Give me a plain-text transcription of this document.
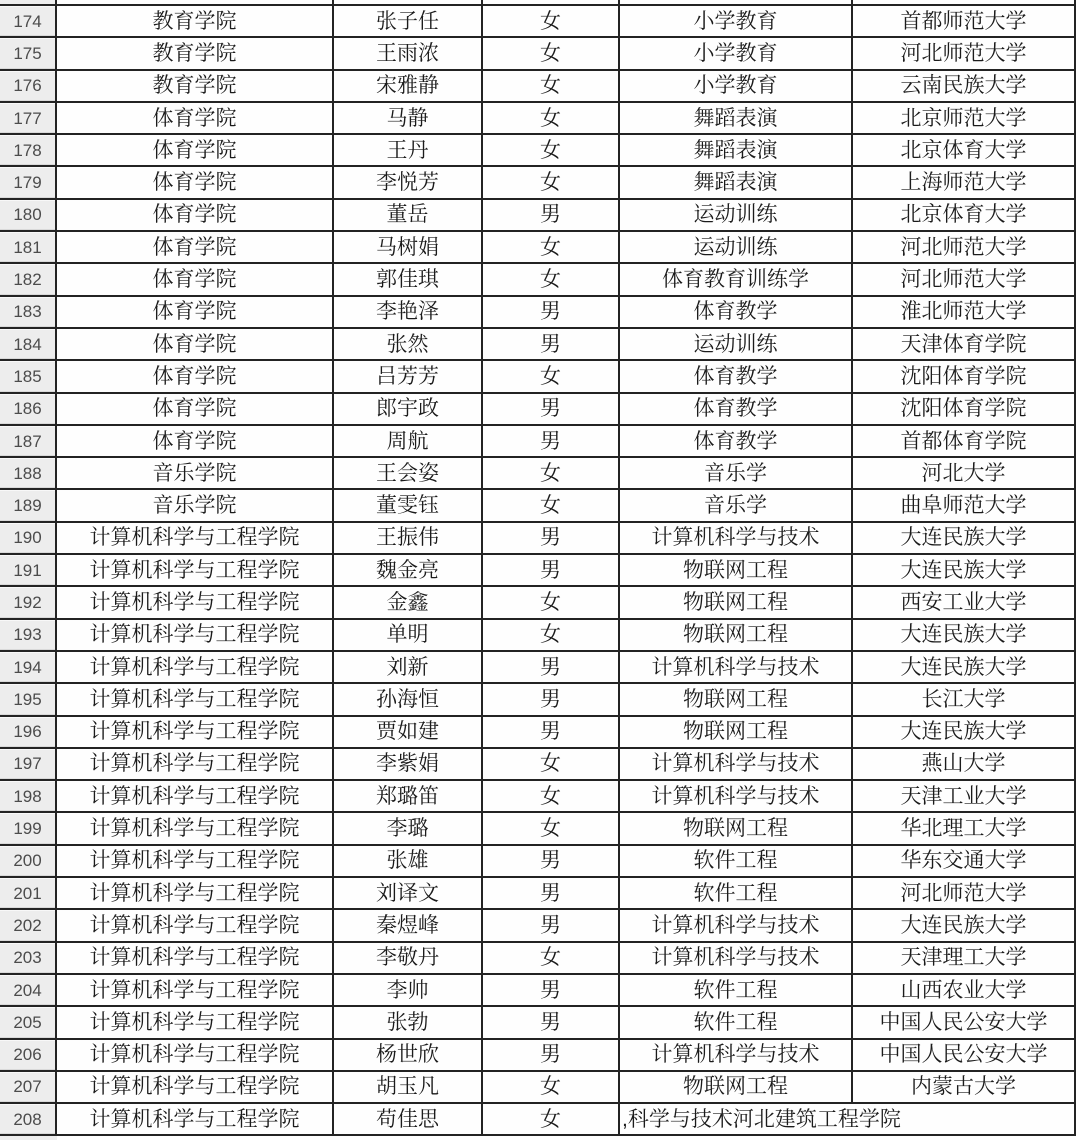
174	教育学院	张子任	女	小学教育	首都师范大学
175	教育学院	王雨浓	女	小学教育	河北师范大学
176	教育学院	宋雅静	女	小学教育	云南民族大学
177	体育学院	马静	女	舞蹈表演	北京师范大学
178	体育学院	王丹	女	舞蹈表演	北京体育大学
179	体育学院	李悦芳	女	舞蹈表演	上海师范大学
180	体育学院	董岳	男	运动训练	北京体育大学
181	体育学院	马树娟	女	运动训练	河北师范大学
182	体育学院	郭佳琪	女	体育教育训练学	河北师范大学
183	体育学院	李艳泽	男	体育教学	淮北师范大学
184	体育学院	张然	男	运动训练	天津体育学院
185	体育学院	吕芳芳	女	体育教学	沈阳体育学院
186	体育学院	郎宇政	男	体育教学	沈阳体育学院
187	体育学院	周航	男	体育教学	首都体育学院
188	音乐学院	王会姿	女	音乐学	河北大学
189	音乐学院	董雯钰	女	音乐学	曲阜师范大学
190	计算机科学与工程学院	王振伟	男	计算机科学与技术	大连民族大学
191	计算机科学与工程学院	魏金亮	男	物联网工程	大连民族大学
192	计算机科学与工程学院	金鑫	女	物联网工程	西安工业大学
193	计算机科学与工程学院	单明	女	物联网工程	大连民族大学
194	计算机科学与工程学院	刘新	男	计算机科学与技术	大连民族大学
195	计算机科学与工程学院	孙海恒	男	物联网工程	长江大学
196	计算机科学与工程学院	贾如建	男	物联网工程	大连民族大学
197	计算机科学与工程学院	李紫娟	女	计算机科学与技术	燕山大学
198	计算机科学与工程学院	郑璐笛	女	计算机科学与技术	天津工业大学
199	计算机科学与工程学院	李璐	女	物联网工程	华北理工大学
200	计算机科学与工程学院	张雄	男	软件工程	华东交通大学
201	计算机科学与工程学院	刘译文	男	软件工程	河北师范大学
202	计算机科学与工程学院	秦煜峰	男	计算机科学与技术	大连民族大学
203	计算机科学与工程学院	李敬丹	女	计算机科学与技术	天津理工大学
204	计算机科学与工程学院	李帅	男	软件工程	山西农业大学
205	计算机科学与工程学院	张勃	男	软件工程	中国人民公安大学
206	计算机科学与工程学院	杨世欣	男	计算机科学与技术	中国人民公安大学
207	计算机科学与工程学院	胡玉凡	女	物联网工程	内蒙古大学
208	计算机科学与工程学院	苟佳思	女	,科学与技术河北建筑工程学院
